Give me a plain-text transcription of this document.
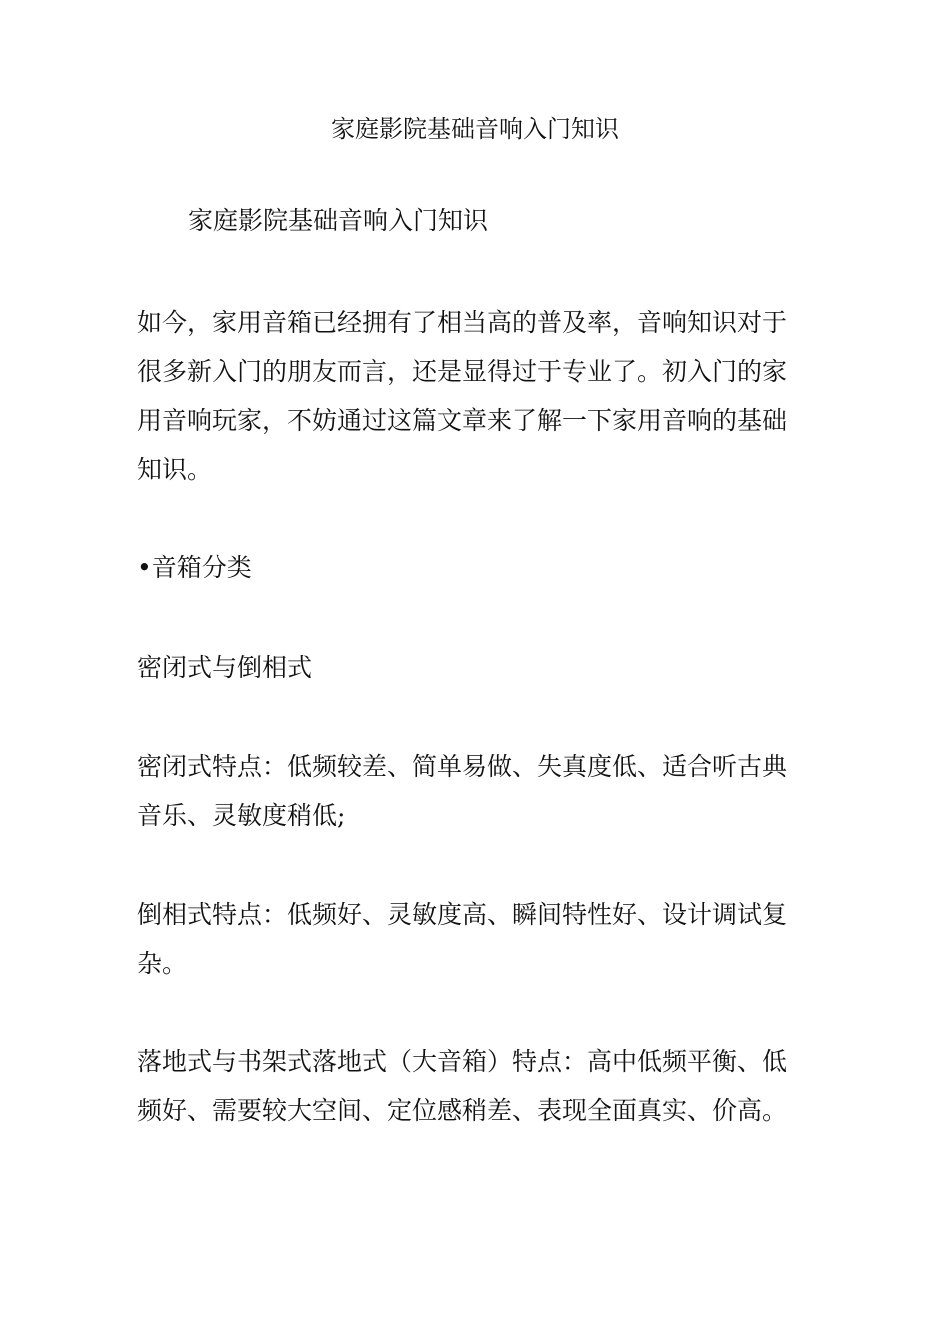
家庭影院基础音响入门知识
家庭影院基础音响入门知识

如今，家用音箱已经拥有了相当高的普及率，音响知识对于很多新入门的朋友而言，还是显得过于专业了。初入门的家用音响玩家，不妨通过这篇文章来了解一下家用音响的基础知识。

•音箱分类

密闭式与倒相式

密闭式特点：低频较差、简单易做、失真度低、适合听古典音乐、灵敏度稍低;

倒相式特点：低频好、灵敏度高、瞬间特性好、设计调试复杂。

落地式与书架式落地式（大音箱）特点：高中低频平衡、低频好、需要较大空间、定位感稍差、表现全面真实、价高。
